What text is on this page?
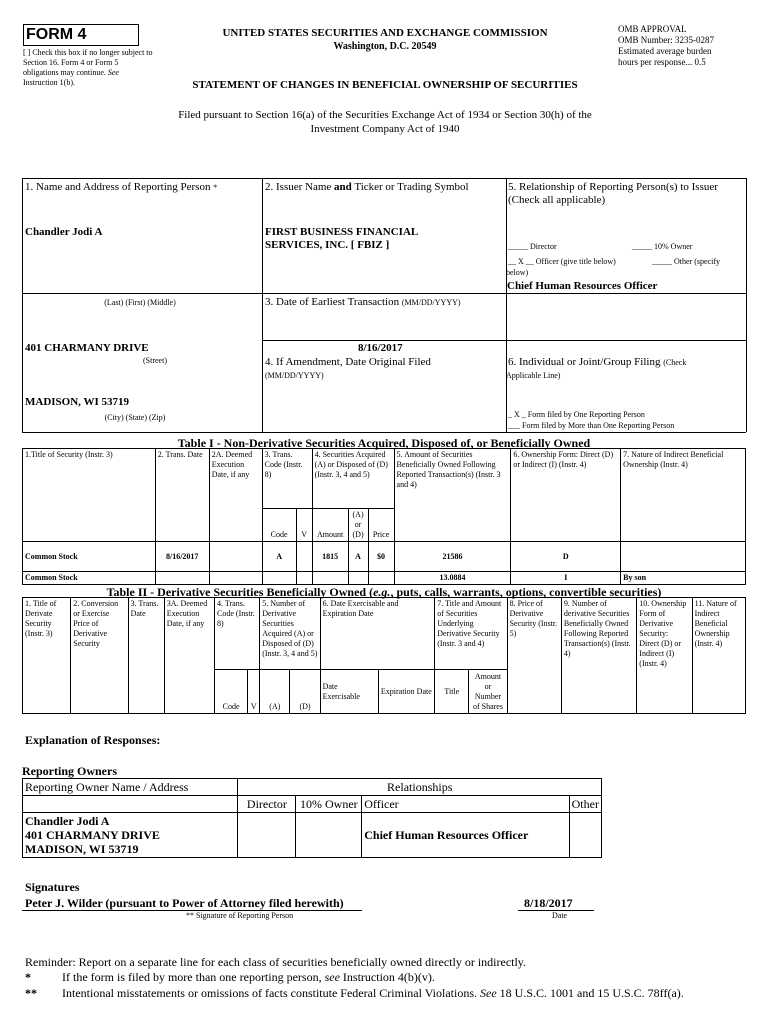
FORM 4
[ ] Check this box if no longer subject to Section 16. Form 4 or Form 5 obligations may continue. See Instruction 1(b).
UNITED STATES SECURITIES AND EXCHANGE COMMISSION
Washington, D.C. 20549
OMB APPROVAL
OMB Number: 3235-0287
Estimated average burden
hours per response... 0.5
STATEMENT OF CHANGES IN BENEFICIAL OWNERSHIP OF SECURITIES
Filed pursuant to Section 16(a) of the Securities Exchange Act of 1934 or Section 30(h) of the Investment Company Act of 1940
1. Name and Address of Reporting Person *
Chandler Jodi A
(Last) (First) (Middle)
401 CHARMANY DRIVE
(Street)
MADISON, WI 53719
(City) (State) (Zip)
2. Issuer Name and Ticker or Trading Symbol
FIRST BUSINESS FINANCIAL
SERVICES, INC. [ FBIZ ]
3. Date of Earliest Transaction (MM/DD/YYYY)
8/16/2017
4. If Amendment, Date Original Filed
(MM/DD/YYYY)
5. Relationship of Reporting Person(s) to Issuer
(Check all applicable)
_____ Director	_____ 10% Owner
__ X __ Officer (give title below)	_____ Other (specify
below)
Chief Human Resources Officer
6. Individual or Joint/Group Filing (Check
Applicable Line)
_ X _ Form filed by One Reporting Person
___ Form filed by More than One Reporting Person
Table I - Non-Derivative Securities Acquired, Disposed of, or Beneficially Owned
1.Title of Security (Instr. 3)	2. Trans. Date	2A. Deemed Execution Date, if any	3. Trans. Code (Instr. 8)		4. Securities Acquired (A) or Disposed of (D) (Instr. 3, 4 and 5)			5. Amount of Securities Beneficially Owned Following Reported Transaction(s) (Instr. 3 and 4)	6. Ownership Form: Direct (D) or Indirect (I) (Instr. 4)	7. Nature of Indirect Beneficial Ownership (Instr. 4)
			Code	V	Amount	(A) or (D)	Price			
Common Stock	8/16/2017		A		1815	A	$0	21586	D	
Common Stock								13.0884	I	By son
Table II - Derivative Securities Beneficially Owned (e.g., puts, calls, warrants, options, convertible securities)
1. Title of Derivate Security (Instr. 3)	2. Conversion or Exercise Price of Derivative Security	3. Trans. Date	3A. Deemed Execution Date, if any	4. Trans. Code (Instr. 8)		5. Number of Derivative Securities Acquired (A) or Disposed of (D) (Instr. 3, 4 and 5)		6. Date Exercisable and Expiration Date		7. Title and Amount of Securities Underlying Derivative Security (Instr. 3 and 4)		8. Price of Derivative Security (Instr. 5)	9. Number of derivative Securities Beneficially Owned Following Reported Transaction(s) (Instr. 4)	10. Ownership Form of Derivative Security: Direct (D) or Indirect (I) (Instr. 4)	11. Nature of Indirect Beneficial Ownership (Instr. 4)
				Code	V	(A)	(D)	Date Exercisable	Expiration Date	Title	Amount or Number of Shares				
Explanation of Responses:
Reporting Owners
Reporting Owner Name / Address	Relationships			
	Director	10% Owner	Officer	Other

Chandler Jodi A
401 CHARMANY DRIVE
MADISON, WI 53719			Chief Human Resources Officer	
Signatures
Peter J. Wilder (pursuant to Power of Attorney filed herewith)	8/18/2017
** Signature of Reporting Person	Date
Reminder: Report on a separate line for each class of securities beneficially owned directly or indirectly.
*	If the form is filed by more than one reporting person, see Instruction 4(b)(v).
** Intentional misstatements or omissions of facts constitute Federal Criminal Violations. See 18 U.S.C. 1001 and 15 U.S.C. 78ff(a).
